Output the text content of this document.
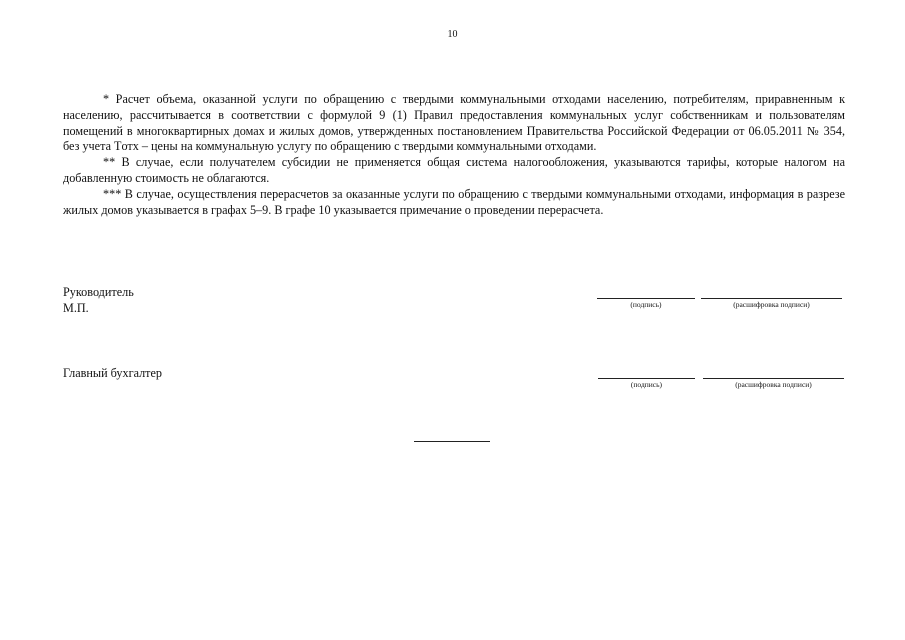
10

* Расчет объема, оказанной услуги по обращению с твердыми коммунальными отходами населению, потребителям, приравненным к населению, рассчитывается в соответствии с формулой 9 (1) Правил предоставления коммунальных услуг собственникам и пользователям помещений в многоквартирных домах и жилых домов, утвержденных постановлением Правительства Российской Федерации от 06.05.2011 № 354, без учета Tотх – цены на коммунальную услугу по обращению с твердыми коммунальными отходами.

** В случае, если получателем субсидии не применяется общая система налогообложения, указываются тарифы, которые налогом на добавленную стоимость не облагаются.

*** В случае, осуществления перерасчетов за оказанные услуги по обращению с твердыми коммунальными отходами, информация в разрезе жилых домов указывается в графах 5–9. В графе 10 указывается примечание о проведении перерасчета.

Руководитель
М.П.	(подпись)	(расшифровка подписи)
Главный бухгалтер
(подпись)	(расшифровка подписи)
